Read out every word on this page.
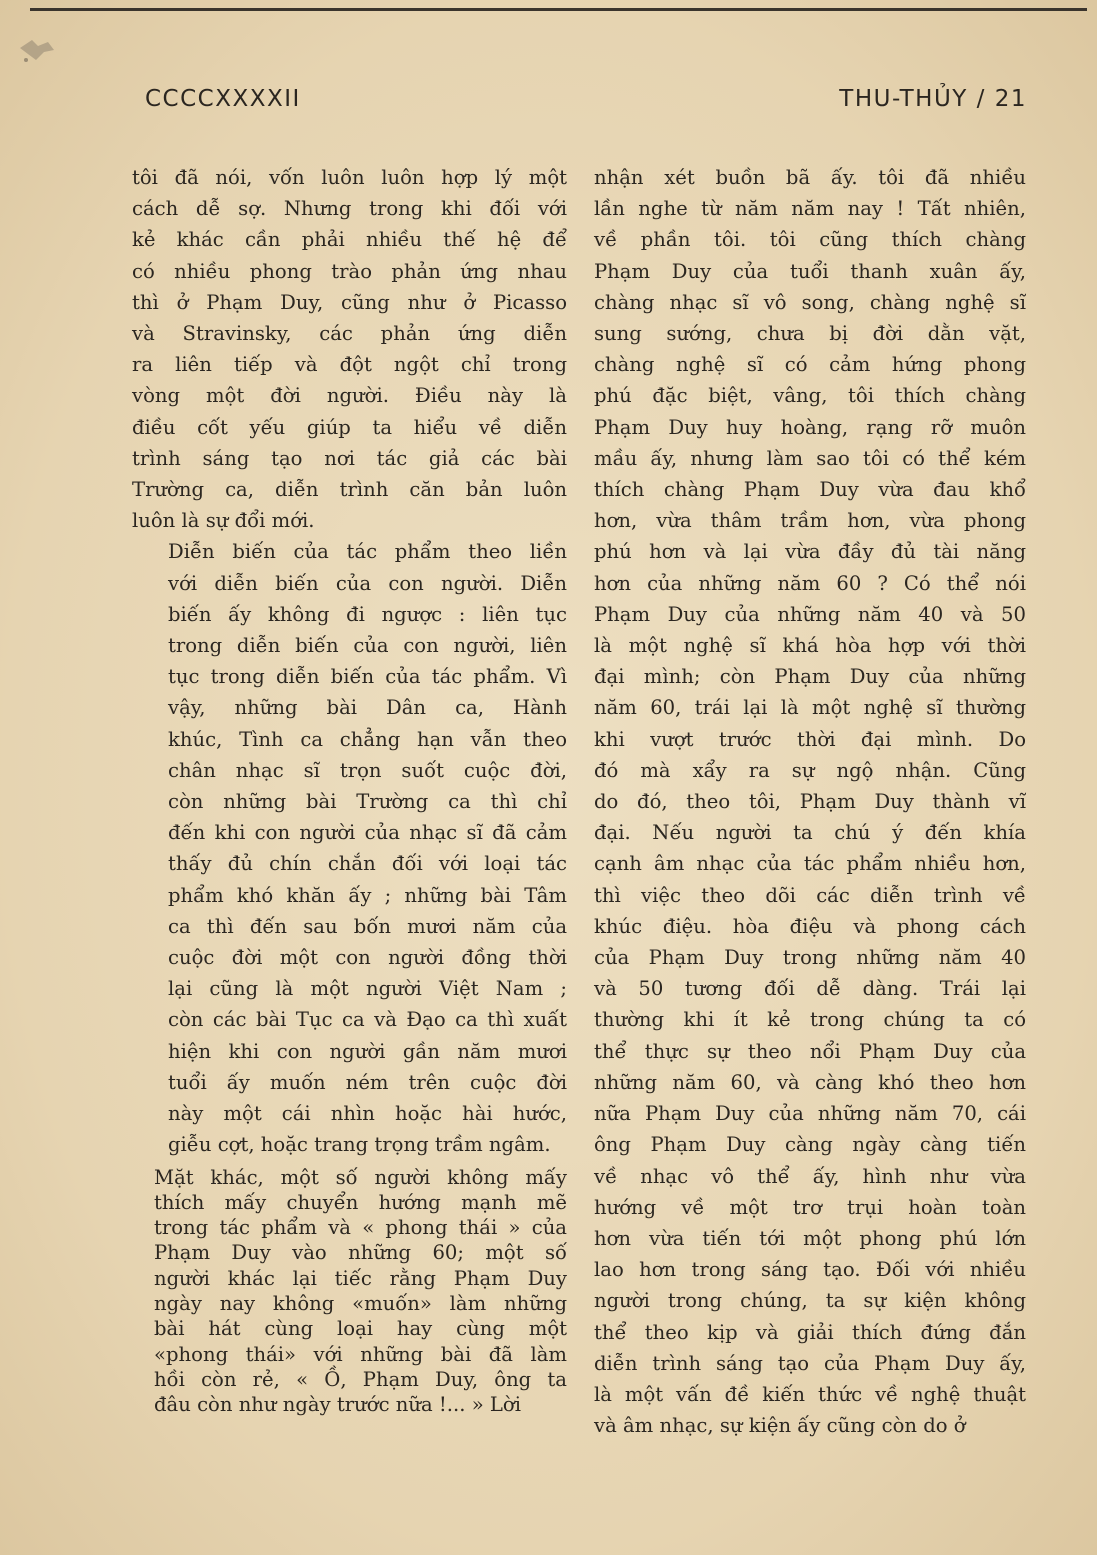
CCCCXXXXII	THU-THỦY / 21

tôi đã nói, vốn luôn luôn hợp lý một
cách dễ sợ. Nhưng trong khi đối với
kẻ khác cần phải nhiều thế hệ để
có nhiều phong trào phản ứng nhau
thì ở Phạm Duy, cũng như ở Picasso
và Stravinsky, các phản ứng diễn
ra liên tiếp và đột ngột chỉ trong
vòng một đời người. Điều này là
điều cốt yếu giúp ta hiểu về diễn
trình sáng tạo nơi tác giả các bài
Trường ca, diễn trình căn bản luôn
luôn là sự đổi mới.

Diễn biến của tác phẩm theo liền
với diễn biến của con người. Diễn
biến ấy không đi ngược : liên tục
trong diễn biến của con người, liên
tục trong diễn biến của tác phẩm. Vì
vậy, những bài Dân ca, Hành
khúc, Tình ca chẳng hạn vẫn theo
chân nhạc sĩ trọn suốt cuộc đời,
còn những bài Trường ca thì chỉ
đến khi con người của nhạc sĩ đã cảm
thấy đủ chín chắn đối với loại tác
phẩm khó khăn ấy ; những bài Tâm
ca thì đến sau bốn mươi năm của
cuộc đời một con người đồng thời
lại cũng là một người Việt Nam ;
còn các bài Tục ca và Đạo ca thì xuất
hiện khi con người gần năm mươi
tuổi ấy muốn ném trên cuộc đời
này một cái nhìn hoặc hài hước,
giễu cợt, hoặc trang trọng trầm ngâm.

Mặt khác, một số người không mấy
thích mấy chuyển hướng mạnh mẽ
trong tác phẩm và « phong thái » của
Phạm Duy vào những 60; một số
người khác lại tiếc rằng Phạm Duy
ngày nay không «muốn» làm những
bài hát cùng loại hay cùng một
«phong thái» với những bài đã làm
hồi còn rẻ, « Ồ, Phạm Duy, ông ta
đâu còn như ngày trước nữa !... » Lời

nhận xét buồn bã ấy. tôi đã nhiều
lần nghe từ năm năm nay ! Tất nhiên,
về phần tôi. tôi cũng thích chàng
Phạm Duy của tuổi thanh xuân ấy,
chàng nhạc sĩ vô song, chàng nghệ sĩ
sung sướng, chưa bị đời dằn vặt,
chàng nghệ sĩ có cảm hứng phong
phú đặc biệt, vâng, tôi thích chàng
Phạm Duy huy hoàng, rạng rỡ muôn
mầu ấy, nhưng làm sao tôi có thể kém
thích chàng Phạm Duy vừa đau khổ
hơn, vừa thâm trầm hơn, vừa phong
phú hơn và lại vừa đầy đủ tài năng
hơn của những năm 60 ? Có thể nói
Phạm Duy của những năm 40 và 50
là một nghệ sĩ khá hòa hợp với thời
đại mình; còn Phạm Duy của những
năm 60, trái lại là một nghệ sĩ thường
khi vượt trước thời đại mình. Do
đó mà xẩy ra sự ngộ nhận. Cũng
do đó, theo tôi, Phạm Duy thành vĩ
đại. Nếu người ta chú ý đến khía
cạnh âm nhạc của tác phẩm nhiều hơn,
thì việc theo dõi các diễn trình về
khúc điệu. hòa điệu và phong cách
của Phạm Duy trong những năm 40
và 50 tương đối dễ dàng. Trái lại
thường khi ít kẻ trong chúng ta có
thể thực sự theo nổi Phạm Duy của
những năm 60, và càng khó theo hơn
nữa Phạm Duy của những năm 70, cái
ông Phạm Duy càng ngày càng tiến
về nhạc vô thể ấy, hình như vừa
hướng về một trơ trụi hoàn toàn
hơn vừa tiến tới một phong phú lớn
lao hơn trong sáng tạo. Đối với nhiều
người trong chúng, ta sự kiện không
thể theo kịp và giải thích đứng đắn
diễn trình sáng tạo của Phạm Duy ấy,
là một vấn đề kiến thức về nghệ thuật
và âm nhạc, sự kiện ấy cũng còn do ở
